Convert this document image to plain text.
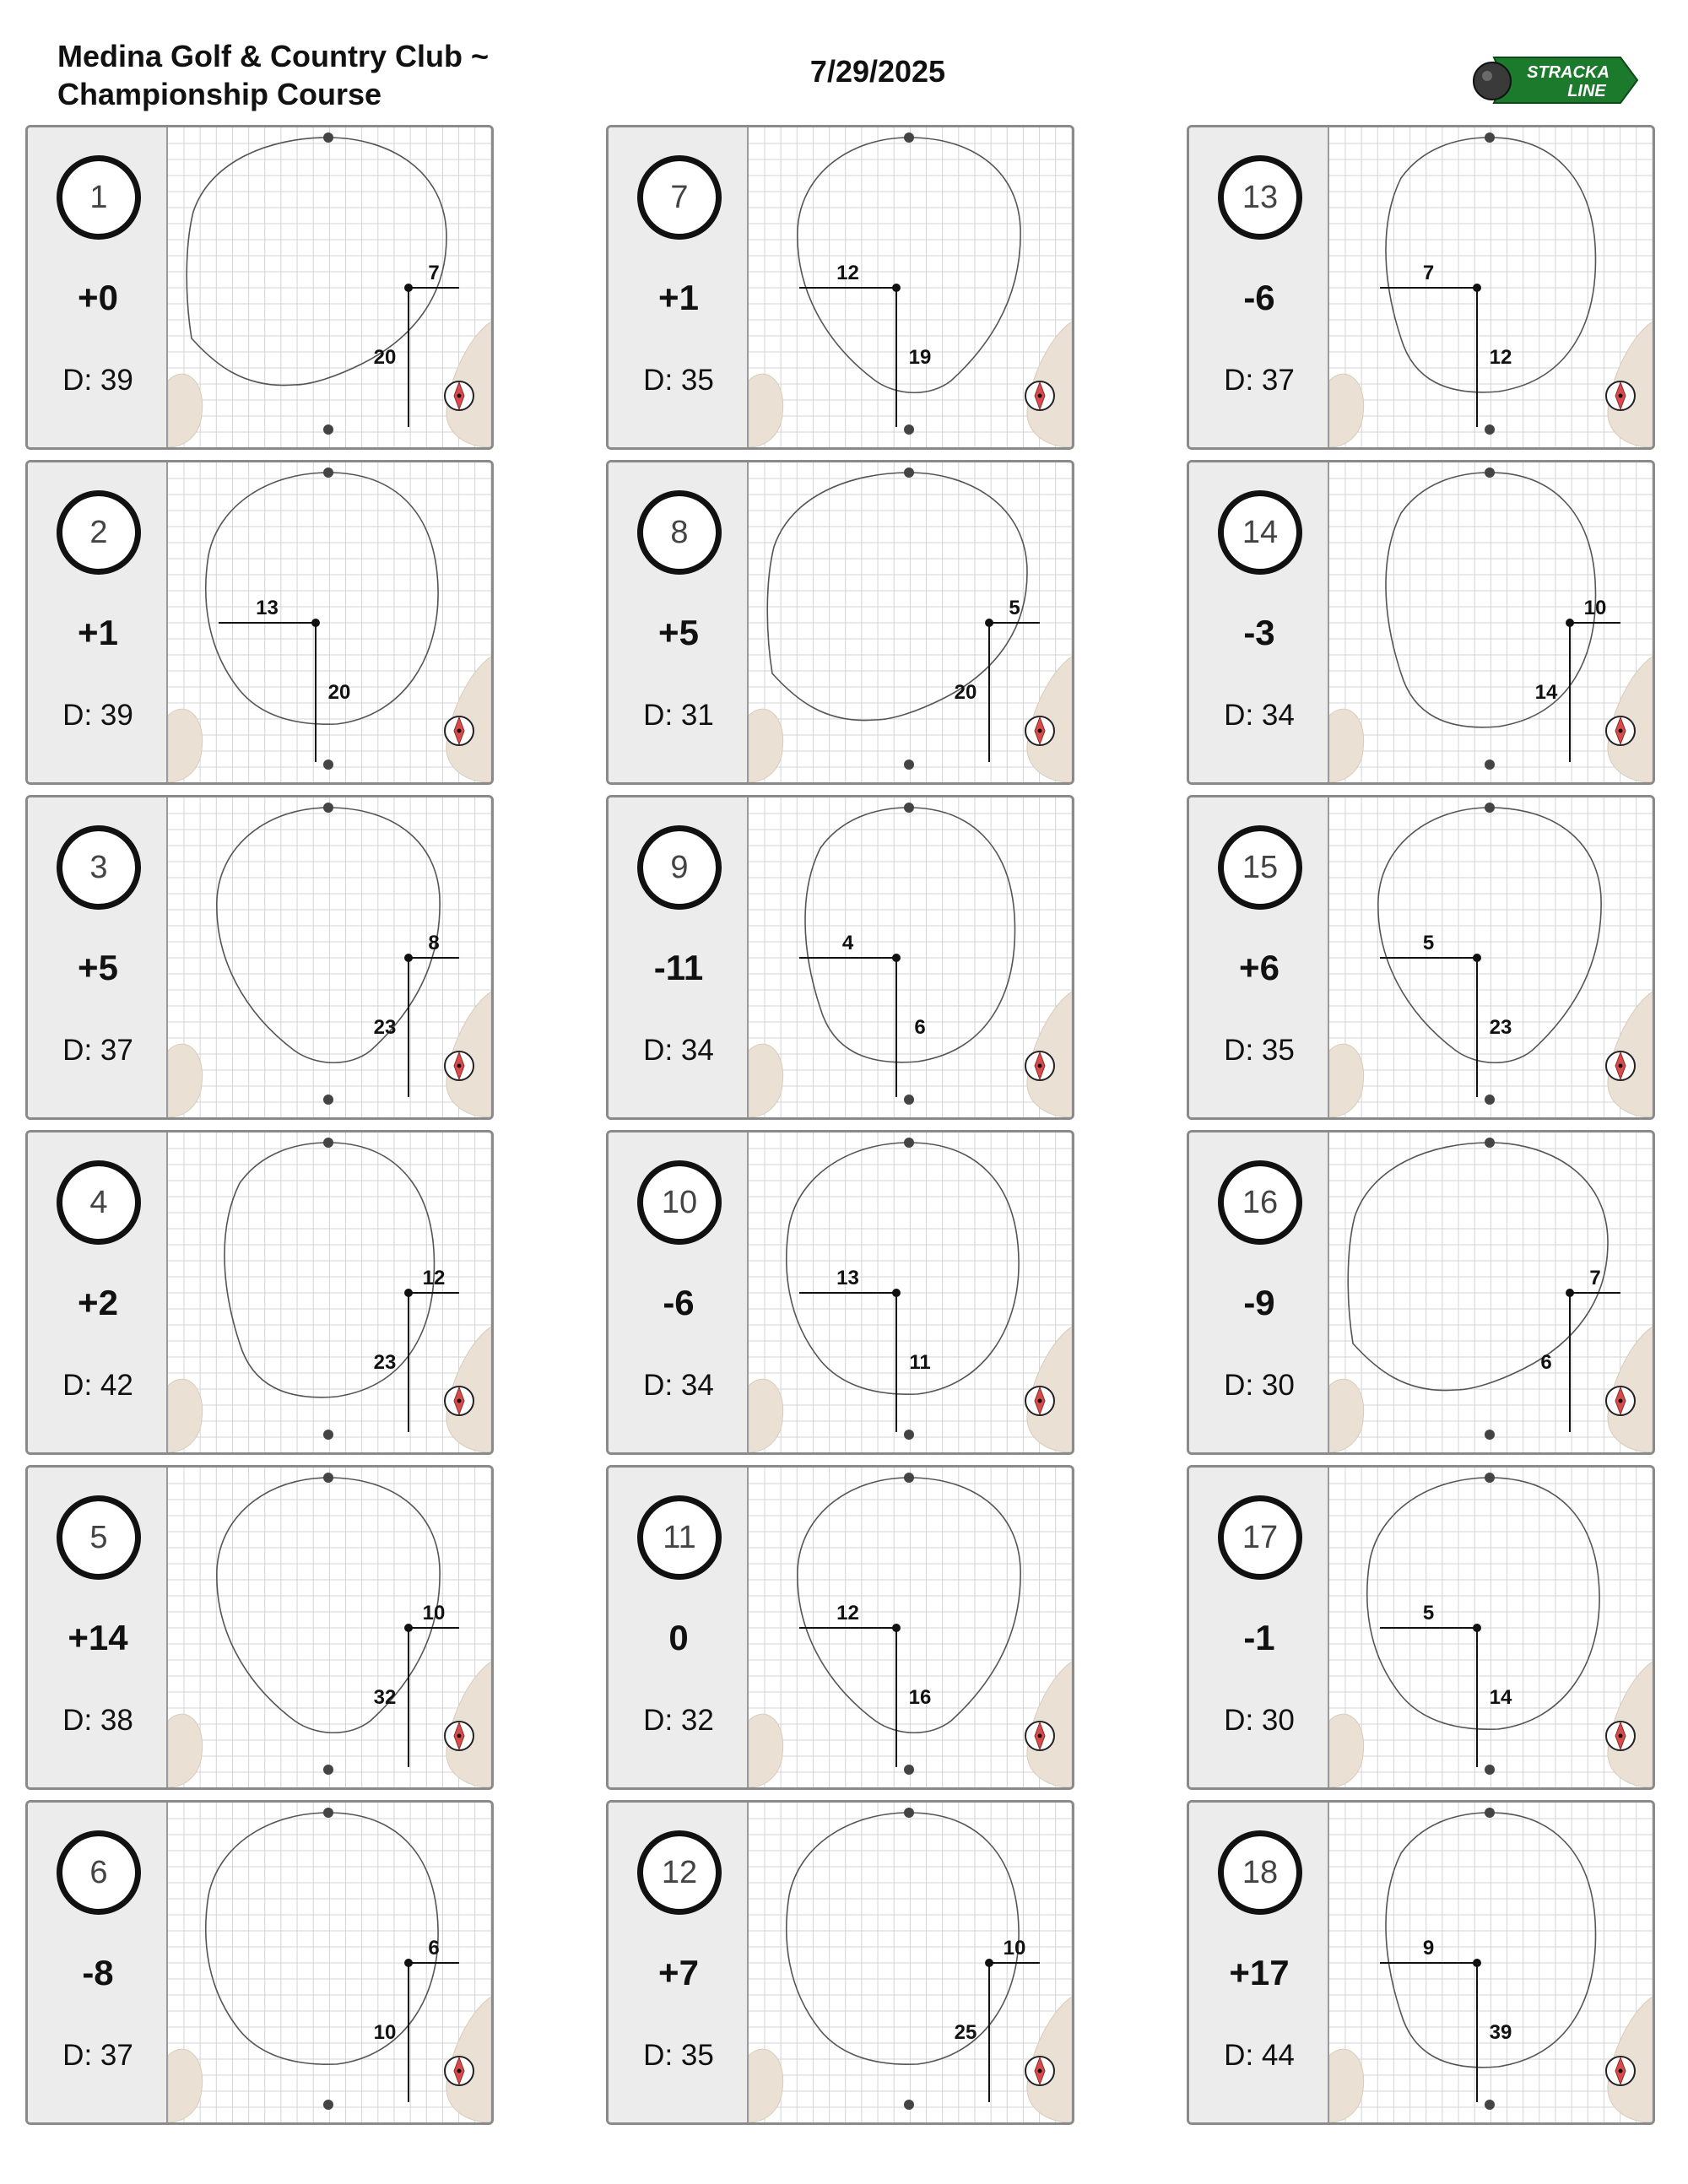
Medina Golf & Country Club ~
Championship Course
7/29/2025	STRACKA
LINE
1
+0
D: 39
7
20
2
+1
D: 39
13
20
3
+5
D: 37
8
23
4
+2
D: 42
12
23
5
+14
D: 38
10
32
6
-8
D: 37
6
10
7
+1
D: 35
12
19
8
+5
D: 31
5
20
9
-11
D: 34
4
6
10
-6
D: 34
13
11
11
0
D: 32
12
16
12
+7
D: 35
10
25
13
-6
D: 37
7
12
14
-3
D: 34
10
14
15
+6
D: 35
5
23
16
-9
D: 30
7
6
17
-1
D: 30
5
14
18
+17
D: 44
9
39
